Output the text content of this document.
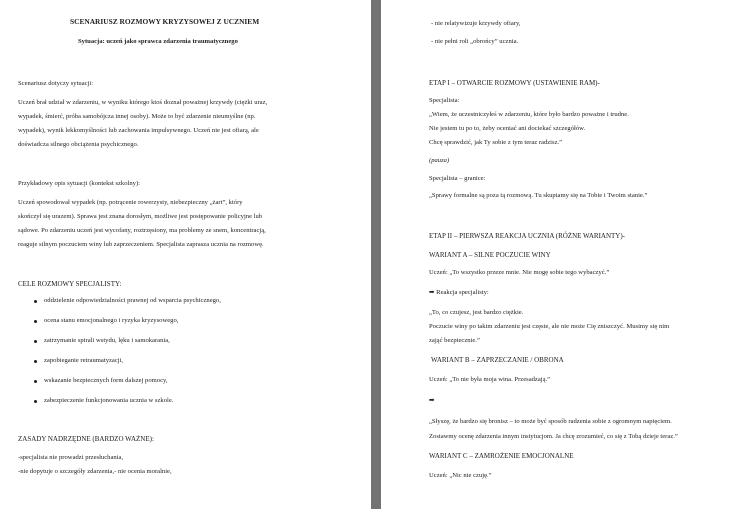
SCENARIUSZ ROZMOWY KRYZYSOWEJ Z UCZNIEM
Sytuacja: uczeń jako sprawca zdarzenia traumatycznego
Scenariusz dotyczy sytuacji:
Uczeń brał udział w zdarzeniu, w wyniku którego ktoś doznał poważnej krzywdy (ciężki uraz,
wypadek, śmierć, próba samobójcza innej osoby). Może to być zdarzenie nieumyślne (np.
wypadek), wynik lekkomyślności lub zachowania impulsywnego. Uczeń nie jest ofiarą, ale
doświadcza silnego obciążenia psychicznego.
Przykładowy opis sytuacji (kontekst szkolny):
Uczeń spowodował wypadek (np. potrącenie rowerzysty, niebezpieczny „żart”, który
skończył się urazem). Sprawa jest znana dorosłym, możliwe jest postępowanie policyjne lub
sądowe. Po zdarzeniu uczeń jest wycofany, roztrzęsiony, ma problemy ze snem, koncentracją,
reaguje silnym poczuciem winy lub zaprzeczeniem. Specjalista zaprasza ucznia na rozmowę.
CELE ROZMOWY SPECJALISTY:
oddzielenie odpowiedzialności prawnej od wsparcia psychicznego,
ocena stanu emocjonalnego i ryzyka kryzysowego,
zatrzymanie spirali wstydu, lęku i samokarania,
zapobieganie retraumatyzacji,
wskazanie bezpiecznych form dalszej pomocy,
zabezpieczenie funkcjonowania ucznia w szkole.
ZASADY NADRZĘDNE (BARDZO WAŻNE):
-specjalista nie prowadzi przesłuchania,
-nie dopytuje o szczegóły zdarzenia,- nie ocenia moralnie,
- nie relatywizuje krzywdy ofiary,
- nie pełni roli „obrońcy” ucznia.
ETAP I – OTWARCIE ROZMOWY (USTAWIENIE RAM)-
Specjalista:
„Wiem, że uczestniczyłeś w zdarzeniu, które było bardzo poważne i trudne.
Nie jestem tu po to, żeby oceniać ani dociekać szczegółów.
Chcę sprawdzić, jak Ty sobie z tym teraz radzisz.”
(pauza)
Specjalista – granice:
„Sprawy formalne są poza tą rozmową. Tu skupiamy się na Tobie i Twoim stanie.”
ETAP II – PIERWSZA REAKCJA UCZNIA (RÓŻNE WARIANTY)-
WARIANT A – SILNE POCZUCIE WINY
Uczeń: „To wszystko przeze mnie. Nie mogę sobie tego wybaczyć.”
➡ Reakcja specjalisty:
„To, co czujesz, jest bardzo ciężkie.
Poczucie winy po takim zdarzeniu jest częste, ale nie może Cię zniszczyć. Musimy się nim
zająć bezpiecznie.”
WARIANT B – ZAPRZECZANIE / OBRONA
Uczeń: „To nie była moja wina. Przesadzają.”
➡
„Słyszę, że bardzo się bronisz – to może być sposób radzenia sobie z ogromnym napięciem.
Zostawmy ocenę zdarzenia innym instytucjom. Ja chcę zrozumieć, co się z Tobą dzieje teraz.”
WARIANT C – ZAMROŻENIE EMOCJONALNE
Uczeń: „Nic nie czuję.”
